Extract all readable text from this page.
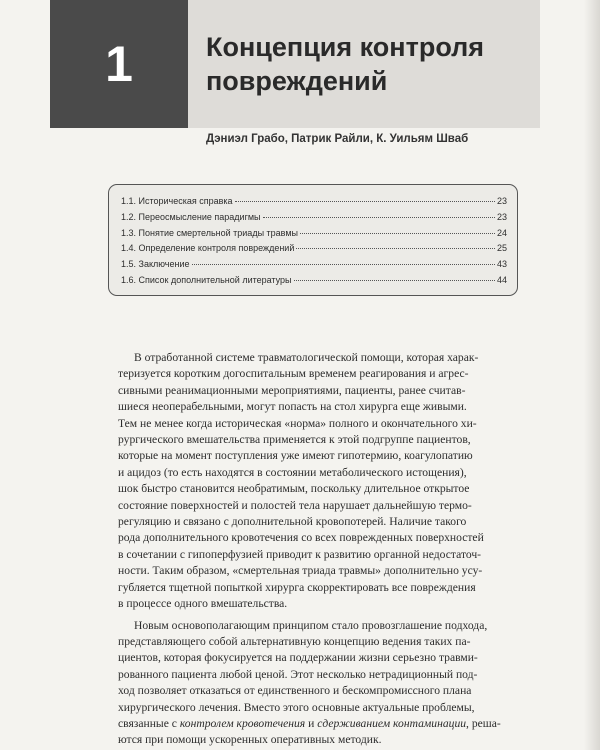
1	Концепция контроля
повреждений
Дэниэл Грабо, Патрик Райли, К. Уильям Шваб
1.1. Историческая справка	23
1.2. Переосмысление парадигмы	23
1.3. Понятие смертельной триады травмы	24
1.4. Определение контроля повреждений	25
1.5. Заключение	43
1.6. Список дополнительной литературы	44

В отработанной системе травматологической помощи, которая харак-
теризуется коротким догоспитальным временем реагирования и агрес-
сивными реанимационными мероприятиями, пациенты, ранее считав-
шиеся неоперабельными, могут попасть на стол хирурга еще живыми.
Тем не менее когда историческая «норма» полного и окончательного хи-
рургического вмешательства применяется к этой подгруппе пациентов,
которые на момент поступления уже имеют гипотермию, коагулопатию
и ацидоз (то есть находятся в состоянии метаболического истощения),
шок быстро становится необратимым, поскольку длительное открытое
состояние поверхностей и полостей тела нарушает дальнейшую термо-
регуляцию и связано с дополнительной кровопотерей. Наличие такого
рода дополнительного кровотечения со всех поврежденных поверхностей
в сочетании с гипоперфузией приводит к развитию органной недостаточ-
ности. Таким образом, «смертельная триада травмы» дополнительно усу-
губляется тщетной попыткой хирурга скорректировать все повреждения
в процессе одного вмешательства.

Новым основополагающим принципом стало провозглашение подхода,
представляющего собой альтернативную концепцию ведения таких па-
циентов, которая фокусируется на поддержании жизни серьезно травми-
рованного пациента любой ценой. Этот несколько нетрадиционный под-
ход позволяет отказаться от единственного и бескомпромиссного плана
хирургического лечения. Вместо этого основные актуальные проблемы,
связанные с контролем кровотечения и сдерживанием контаминации, реша-
ются при помощи ускоренных оперативных методик.
